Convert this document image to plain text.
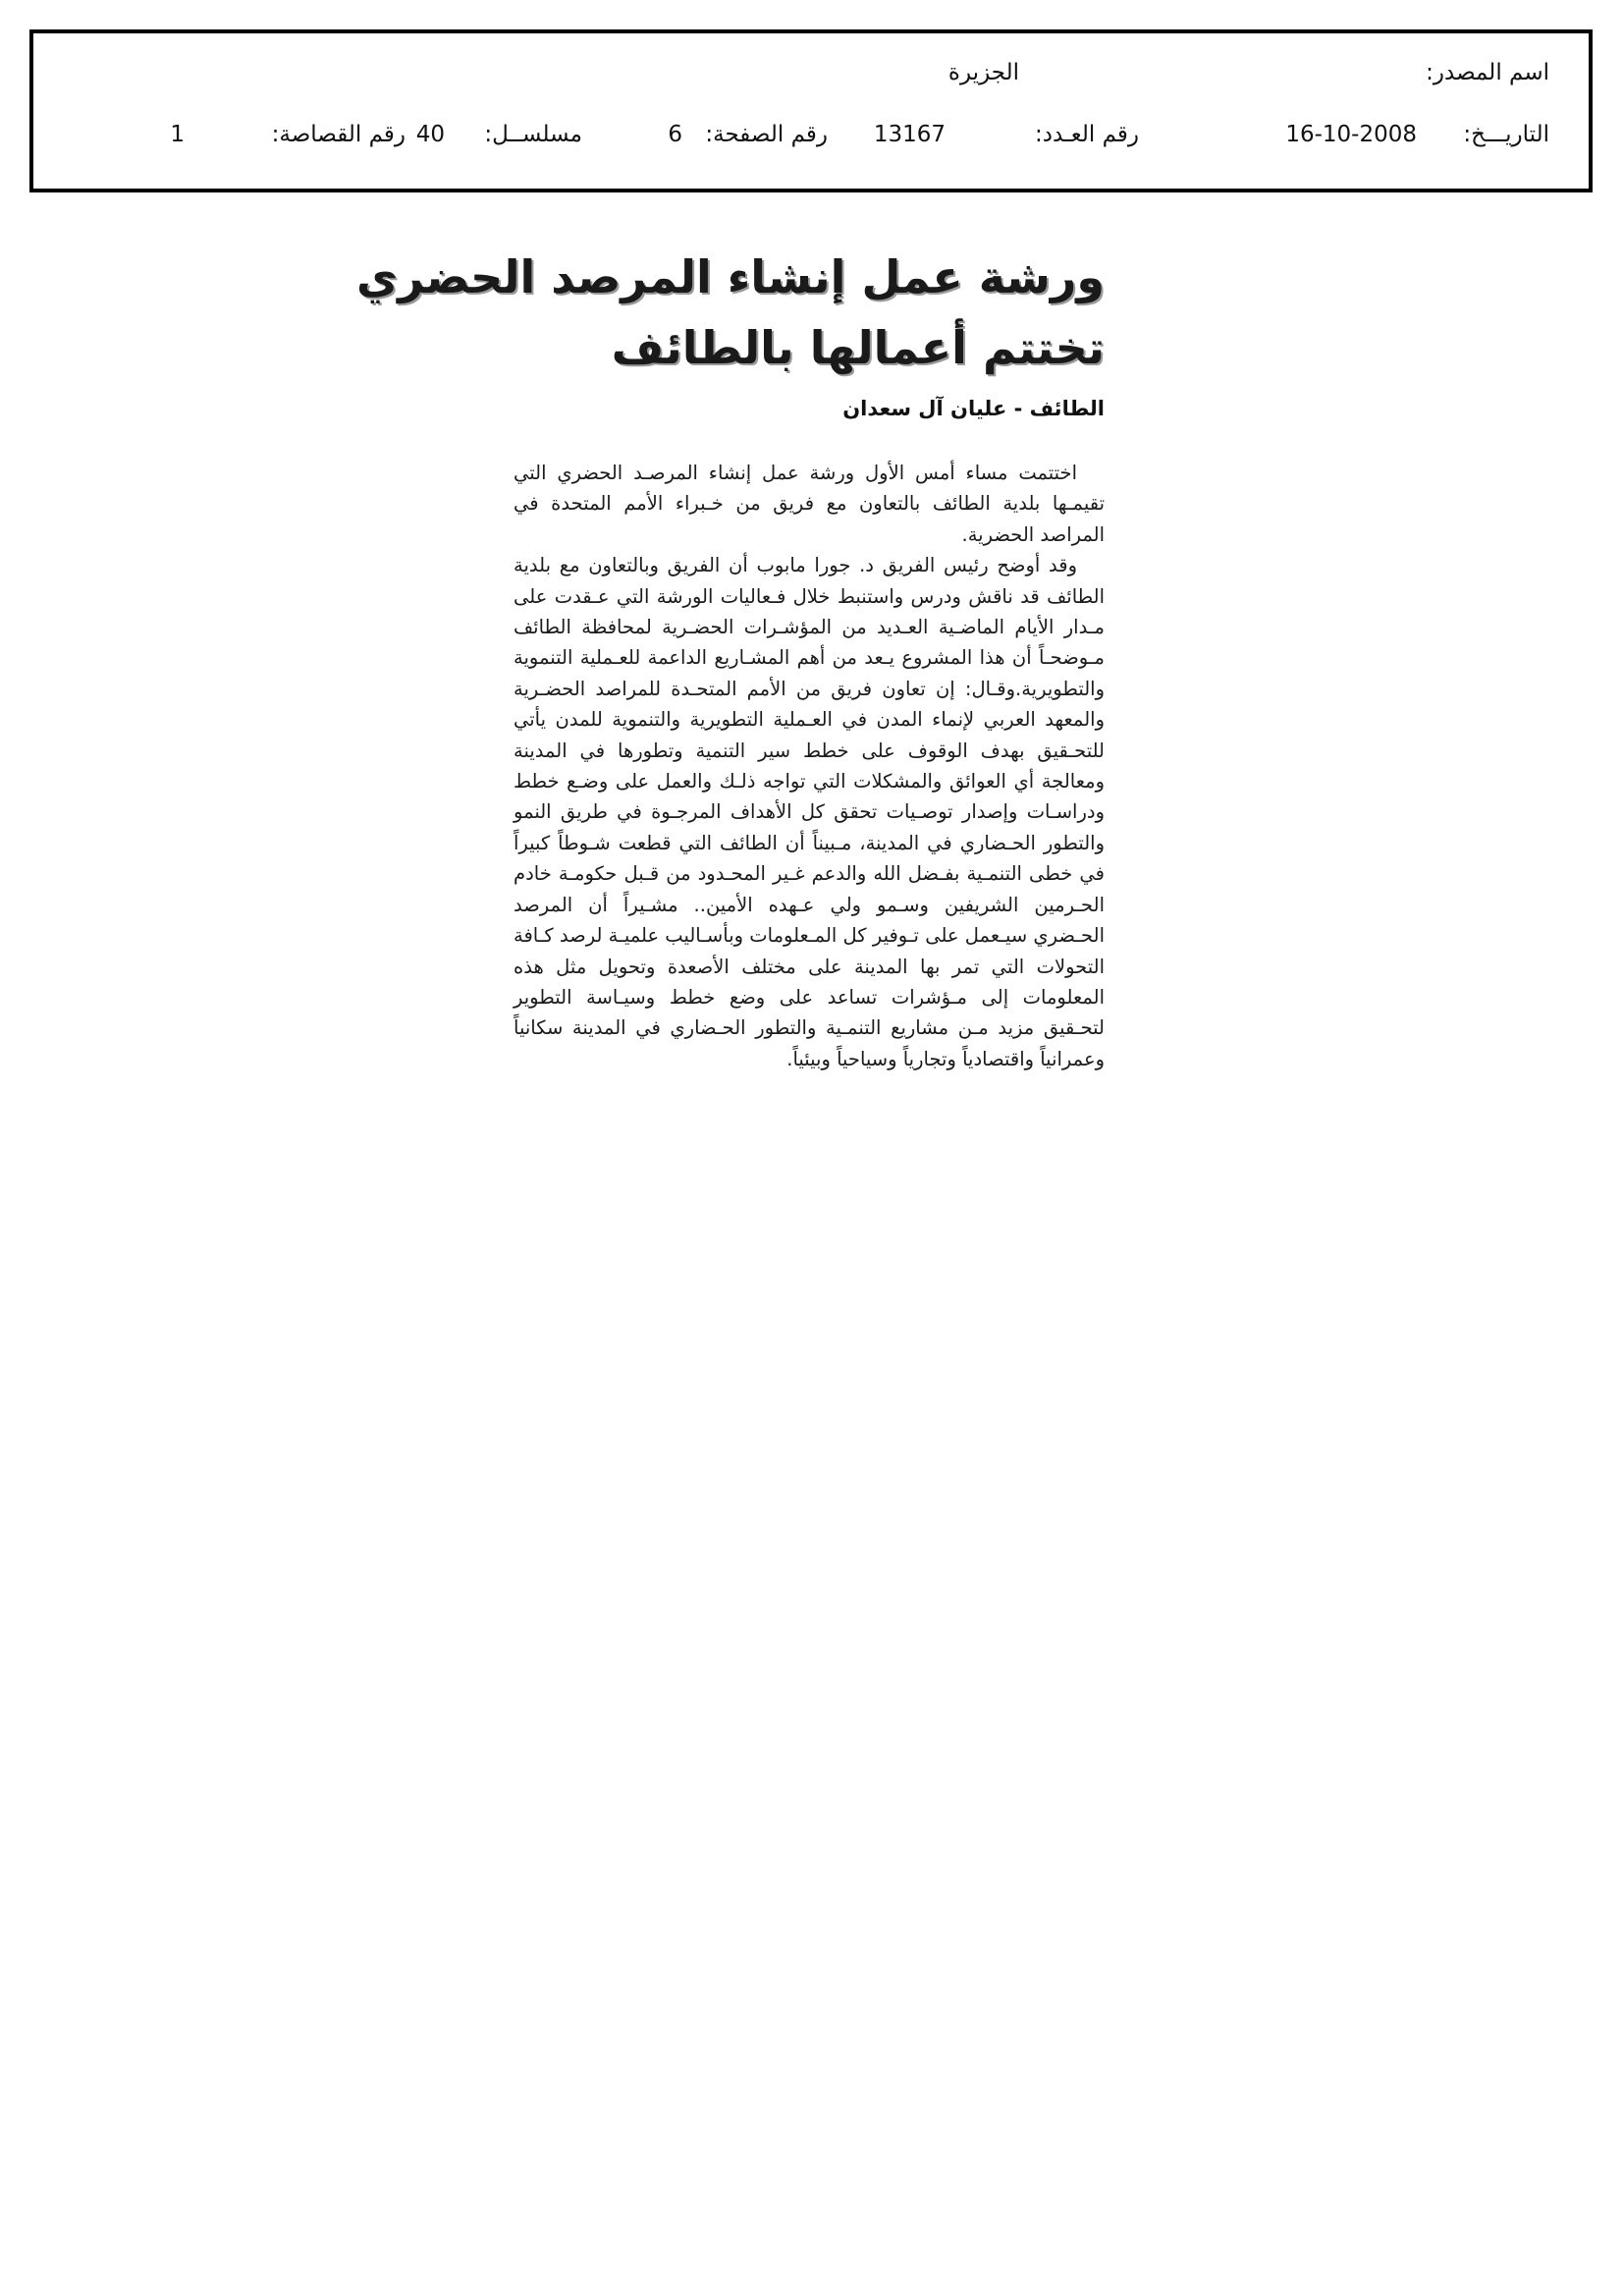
اسم المصدر:
الجزيرة
التاريـــخ:
16-10-2008
رقم العـدد:
13167
رقم الصفحة:
6
مسلســل:
40
رقم القصاصة:
1
ورشة عمل إنشاء المرصد الحضري
تختتم أعمالها بالطائف
الطائف - عليان آل سعدان

اختتمت مساء أمس الأول ورشة عمل إنشاء المرصـد الحضري التي تقيمـها بلدية الطائف بالتعاون مع فريق من خـبراء الأمم المتحدة في المراصد الحضرية.

وقد أوضح رئيس الفريق د. جورا مابوب أن الفريق وبالتعاون مع بلدية الطائف قد ناقش ودرس واستنبط خلال فـعاليات الورشة التي عـقدت على مـدار الأيام الماضـية العـديد من المؤشـرات الحضـرية لمحافظة الطائف مـوضحـاً أن هذا المشروع يـعد من أهم المشـاريع الداعمة للعـملية التنموية والتطويرية.وقـال: إن تعاون فريق من الأمم المتحـدة للمراصد الحضـرية والمعهد العربي لإنماء المدن في العـملية التطويرية والتنموية للمدن يأتي للتحـقيق بهدف الوقوف على خطط سير التنمية وتطورها في المدينة ومعالجة أي العوائق والمشكلات التي تواجه ذلـك والعمل على وضـع خطط ودراسـات وإصدار توصـيات تحقق كل الأهداف المرجـوة في طريق النمو والتطور الحـضاري في المدينة، مـبيناً أن الطائف التي قطعت شـوطاً كبيراً في خطى التنمـية بفـضل الله والدعم غـير المحـدود من قـبل حكومـة خادم الحـرمين الشريفين وسـمو ولي عـهده الأمين.. مشـيراً أن المرصد الحـضري سيـعمل على تـوفير كل المـعلومات وبأسـاليب علميـة لرصد كـافة التحولات التي تمر بها المدينة على مختلف الأصعدة وتحويل مثل هذه المعلومات إلى مـؤشرات تساعد على وضع خطط وسيـاسة التطوير لتحـقيق مزيد مـن مشاريع التنمـية والتطور الحـضاري في المدينة سكانياً وعمرانياً واقتصادياً وتجارياً وسياحياً وبيئياً.
